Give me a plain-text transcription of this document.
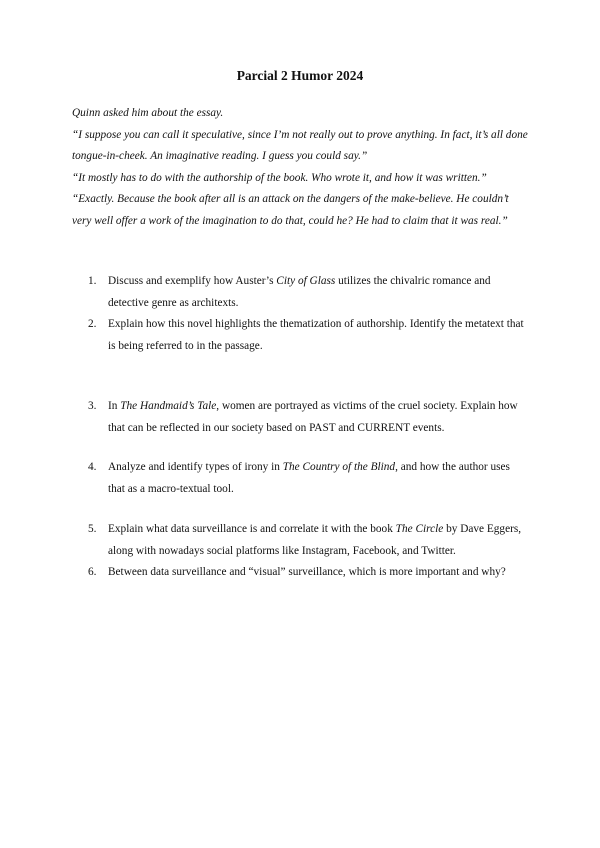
Parcial 2 Humor 2024

Quinn asked him about the essay.

“I suppose you can call it speculative, since I’m not really out to prove anything. In fact, it’s all done tongue-in-cheek. An imaginative reading. I guess you could say.”

“It mostly has to do with the authorship of the book. Who wrote it, and how it was written.”

“Exactly. Because the book after all is an attack on the dangers of the make-believe. He couldn’t very well offer a work of the imagination to do that, could he? He had to claim that it was real.”

1.	Discuss and exemplify how Auster’s City of Glass utilizes the chivalric romance and detective genre as architexts.
2.	Explain how this novel highlights the thematization of authorship. Identify the metatext that is being referred to in the passage.
3.	In The Handmaid’s Tale, women are portrayed as victims of the cruel society. Explain how that can be reflected in our society based on PAST and CURRENT events.
4.	Analyze and identify types of irony in The Country of the Blind, and how the author uses that as a macro-textual tool.
5.	Explain what data surveillance is and correlate it with the book The Circle by Dave Eggers, along with nowadays social platforms like Instagram, Facebook, and Twitter.
6.	Between data surveillance and “visual” surveillance, which is more important and why?
